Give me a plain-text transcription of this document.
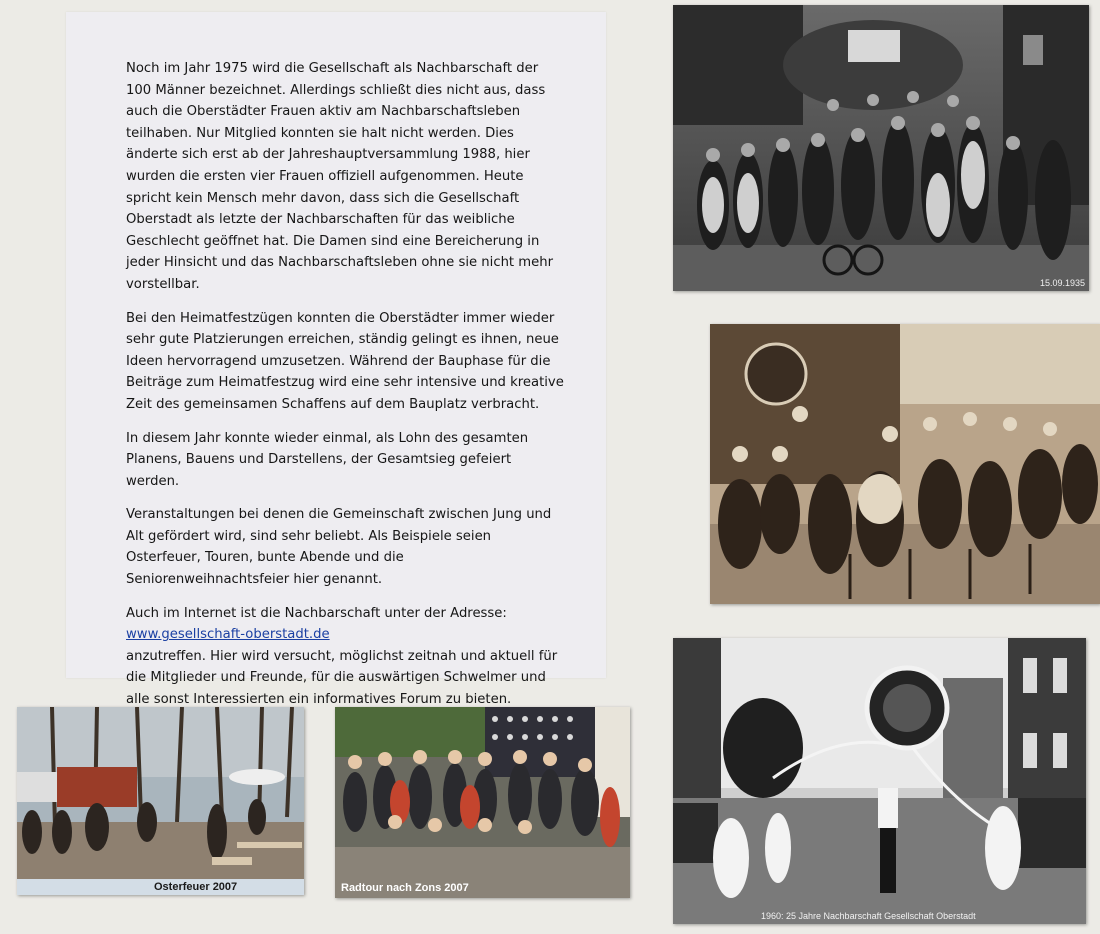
Noch im Jahr 1975 wird die Gesellschaft als Nachbarschaft der 100 Männer bezeichnet. Allerdings schließt dies nicht aus, dass auch die Oberstädter Frauen aktiv am Nachbarschaftsleben teilhaben. Nur Mitglied konnten sie halt nicht werden. Dies änderte sich erst ab der Jahreshauptversammlung 1988, hier wurden die ersten vier Frauen offiziell aufgenommen. Heute spricht kein Mensch mehr davon, dass sich die Gesellschaft Oberstadt als letzte der Nachbarschaften für das weibliche Geschlecht geöffnet hat. Die Damen sind eine Bereicherung in jeder Hinsicht und das Nachbarschaftsleben ohne sie nicht mehr vorstellbar.

Bei den Heimatfestzügen konnten die Oberstädter immer wieder sehr gute Platzierungen erreichen, ständig gelingt es ihnen, neue Ideen hervorragend umzusetzen. Während der Bauphase für die Beiträge zum Heimatfestzug wird eine sehr intensive und kreative Zeit des gemeinsamen Schaffens auf dem Bauplatz verbracht.

In diesem Jahr konnte wieder einmal, als Lohn des gesamten Planens, Bauens und Darstellens, der Gesamtsieg gefeiert werden.

Veranstaltungen bei denen die Gemeinschaft zwischen Jung und Alt gefördert wird, sind sehr beliebt. Als Beispiele seien Osterfeuer, Touren, bunte Abende und die Seniorenweihnachtsfeier hier genannt.

Auch im Internet ist die Nachbarschaft unter der Adresse:
www.gesellschaft-oberstadt.de
anzutreffen. Hier wird versucht, möglichst zeitnah und aktuell für die Mitglieder und Freunde, für die auswärtigen Schwelmer und alle sonst Interessierten ein informatives Forum zu bieten.

15.09.1935
1960: 25 Jahre Nachbarschaft Gesellschaft Oberstadt
Osterfeuer 2007	Radtour nach Zons 2007
